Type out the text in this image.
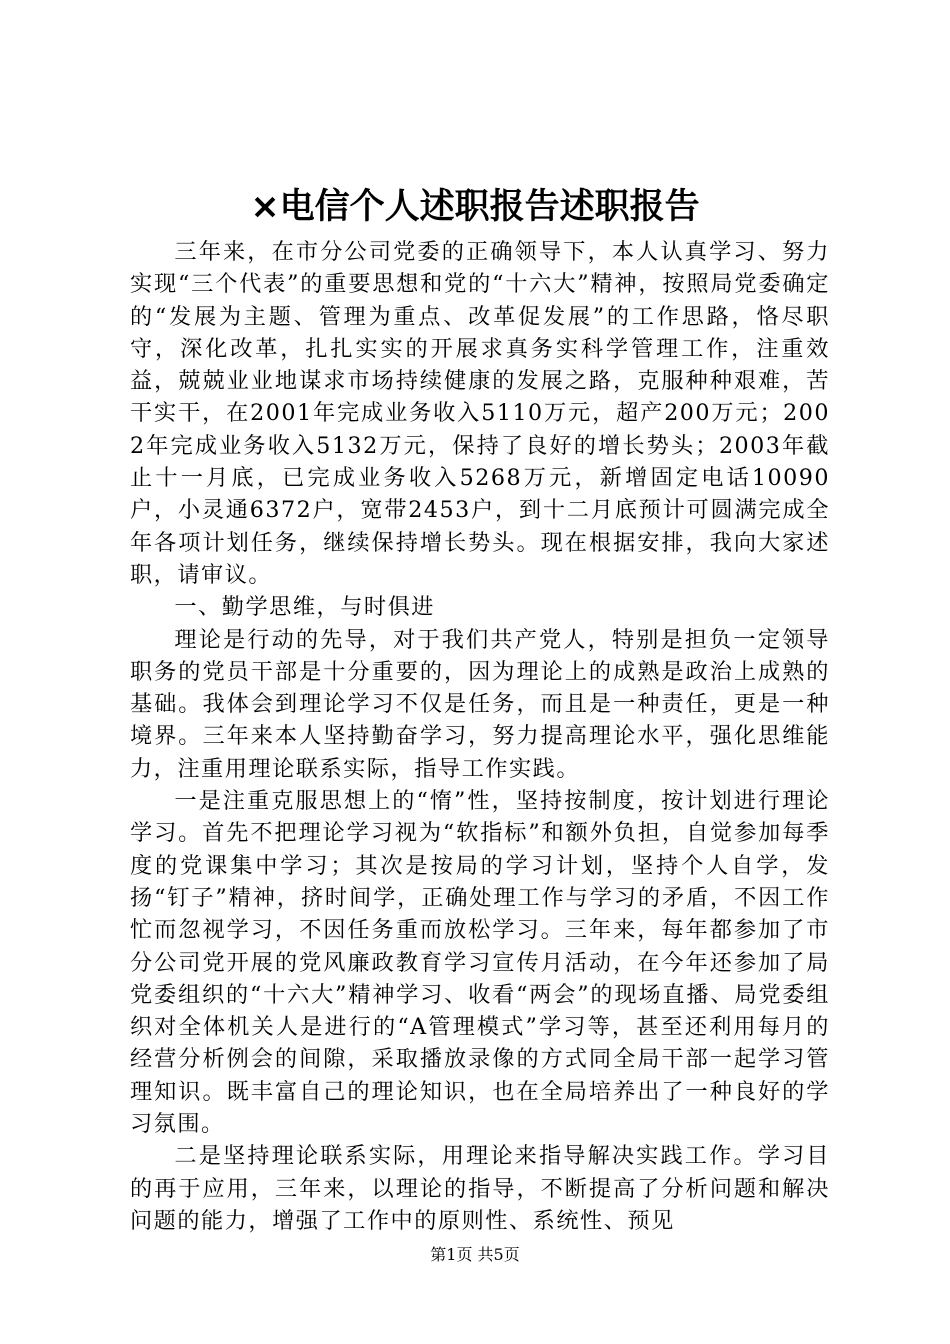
×电信个人述职报告述职报告

三年来，在市分公司党委的正确领导下，本人认真学习、努力实现“三个代表”的重要思想和党的“十六大”精神，按照局党委确定的“发展为主题、管理为重点、改革促发展”的工作思路，恪尽职守，深化改革，扎扎实实的开展求真务实科学管理工作，注重效益，兢兢业业地谋求市场持续健康的发展之路，克服种种艰难，苦干实干，在2001年完成业务收入5110万元，超产200万元；2002年完成业务收入5132万元，保持了良好的增长势头；2003年截止十一月底，已完成业务收入5268万元，新增固定电话10090户，小灵通6372户，宽带2453户，到十二月底预计可圆满完成全年各项计划任务，继续保持增长势头。现在根据安排，我向大家述职，请审议。

一、勤学思维，与时俱进

理论是行动的先导，对于我们共产党人，特别是担负一定领导职务的党员干部是十分重要的，因为理论上的成熟是政治上成熟的基础。我体会到理论学习不仅是任务，而且是一种责任，更是一种境界。三年来本人坚持勤奋学习，努力提高理论水平，强化思维能力，注重用理论联系实际，指导工作实践。

一是注重克服思想上的“惰”性，坚持按制度，按计划进行理论学习。首先不把理论学习视为“软指标”和额外负担，自觉参加每季度的党课集中学习；其次是按局的学习计划，坚持个人自学，发扬“钉子”精神，挤时间学，正确处理工作与学习的矛盾，不因工作忙而忽视学习，不因任务重而放松学习。三年来，每年都参加了市分公司党开展的党风廉政教育学习宣传月活动，在今年还参加了局党委组织的“十六大”精神学习、收看“两会”的现场直播、局党委组织对全体机关人是进行的“A管理模式”学习等，甚至还利用每月的经营分析例会的间隙，采取播放录像的方式同全局干部一起学习管理知识。既丰富自己的理论知识，也在全局培养出了一种良好的学习氛围。

二是坚持理论联系实际，用理论来指导解决实践工作。学习目的再于应用，三年来，以理论的指导，不断提高了分析问题和解决问题的能力，增强了工作中的原则性、系统性、预见

第1页 共5页
